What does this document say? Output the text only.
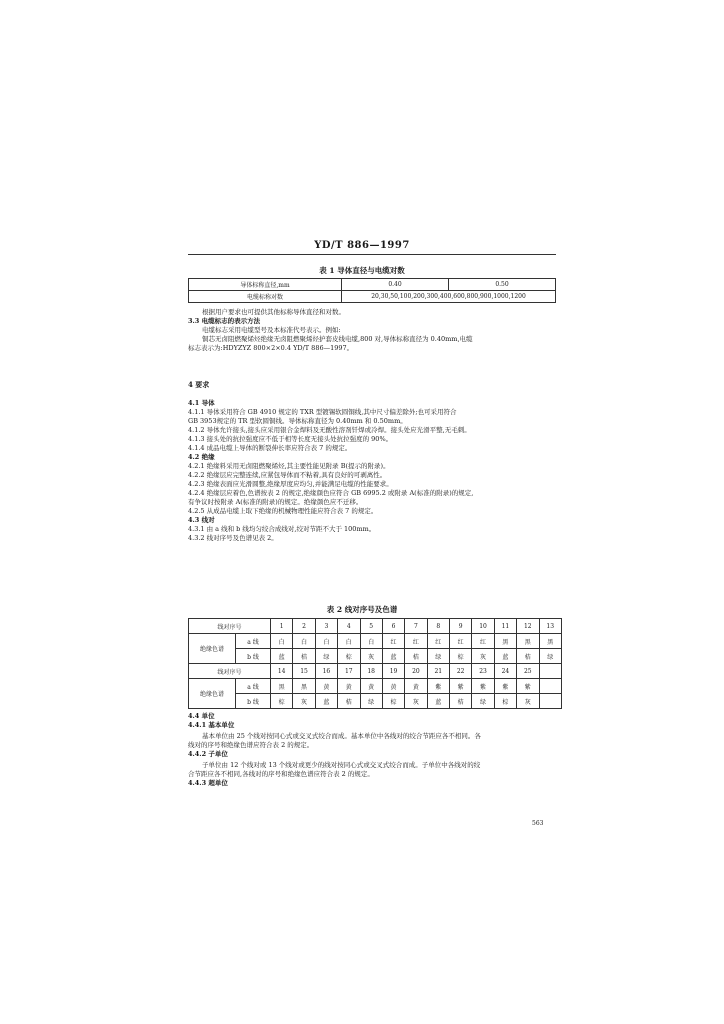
YD/T 886—1997
表 1 导体直径与电缆对数
导体标称直径,mm	0.40	0.50
电缆标称对数	20,30,50,100,200,300,400,600,800,900,1000,1200	
根据用户要求也可提供其他标称导体直径和对数。
3.3 电缆标志的表示方法
电缆标志采用电缆型号及本标准代号表示。例如:
铜芯无卤阻燃聚烯烃绝缘无卤阻燃聚烯烃护套皮线电缆,800 对,导体标称直径为 0.40mm,电缆
标志表示为:HDYZYZ 800×2×0.4 YD/T 886—1997。
4 要求
4.1 导体
4.1.1 导体采用符合 GB 4910 规定的 TXR 型镀锡软圆铜线,其中尺寸偏差除外;也可采用符合
GB 3953规定的 TR 型软圆铜线。导体标称直径为 0.40mm 和 0.50mm。
4.1.2 导体允许接头,接头应采用银合金焊料及无酸性溶剂钎焊或冷焊。接头处应光滑平整,无毛刺。
4.1.3 接头处的抗拉强度应不低于相等长度无接头处抗拉强度的 90%。
4.1.4 成品电缆上导体的断裂伸长率应符合表 7 的规定。
4.2 绝缘
4.2.1 绝缘料采用无卤阻燃聚烯烃,其主要性能见附录 B(提示的附录)。
4.2.2 绝缘层应完整连续,应紧包导体而不粘着,具有良好的可剥离性。
4.2.3 绝缘表面应光滑圆整,绝缘厚度应均匀,并能满足电缆的性能要求。
4.2.4 绝缘层应着色,色谱按表 2 的规定,绝缘颜色应符合 GB 6995.2 或附录 A(标准的附录)的规定,
有争议时按附录 A(标准的附录)的规定。绝缘颜色应不迁移。
4.2.5 从成品电缆上取下绝缘的机械物理性能应符合表 7 的规定。
4.3 线对
4.3.1 由 a 线和 b 线均匀绞合成线对,绞对节距不大于 100mm。
4.3.2 线对序号及色谱见表 2。
表 2 线对序号及色谱
线对序号		1	2	3	4	5	6	7	8	9	10	11	12	13
绝缘色谱	a 线	白	白	白	白	白	红	红	红	红	红	黑	黑	黑
	b 线	蓝	桔	绿	棕	灰	蓝	桔	绿	棕	灰	蓝	桔	绿
线对序号		14	15	16	17	18	19	20	21	22	23	24	25	
绝缘色谱	a 线	黑	黑	黄	黄	黄	黄	黄	紫	紫	紫	紫	紫	
	b 线	棕	灰	蓝	桔	绿	棕	灰	蓝	桔	绿	棕	灰	
4.4 单位
4.4.1 基本单位
基本单位由 25 个线对按同心式或交叉式绞合而成。基本单位中各线对的绞合节距应各不相同。各
线对的序号和绝缘色谱应符合表 2 的规定。
4.4.2 子单位
子单位由 12 个线对或 13 个线对或更少的线对按同心式或交叉式绞合而成。子单位中各线对的绞
合节距应各不相同,各线对的序号和绝缘色谱应符合表 2 的规定。
4.4.3 超单位
563
